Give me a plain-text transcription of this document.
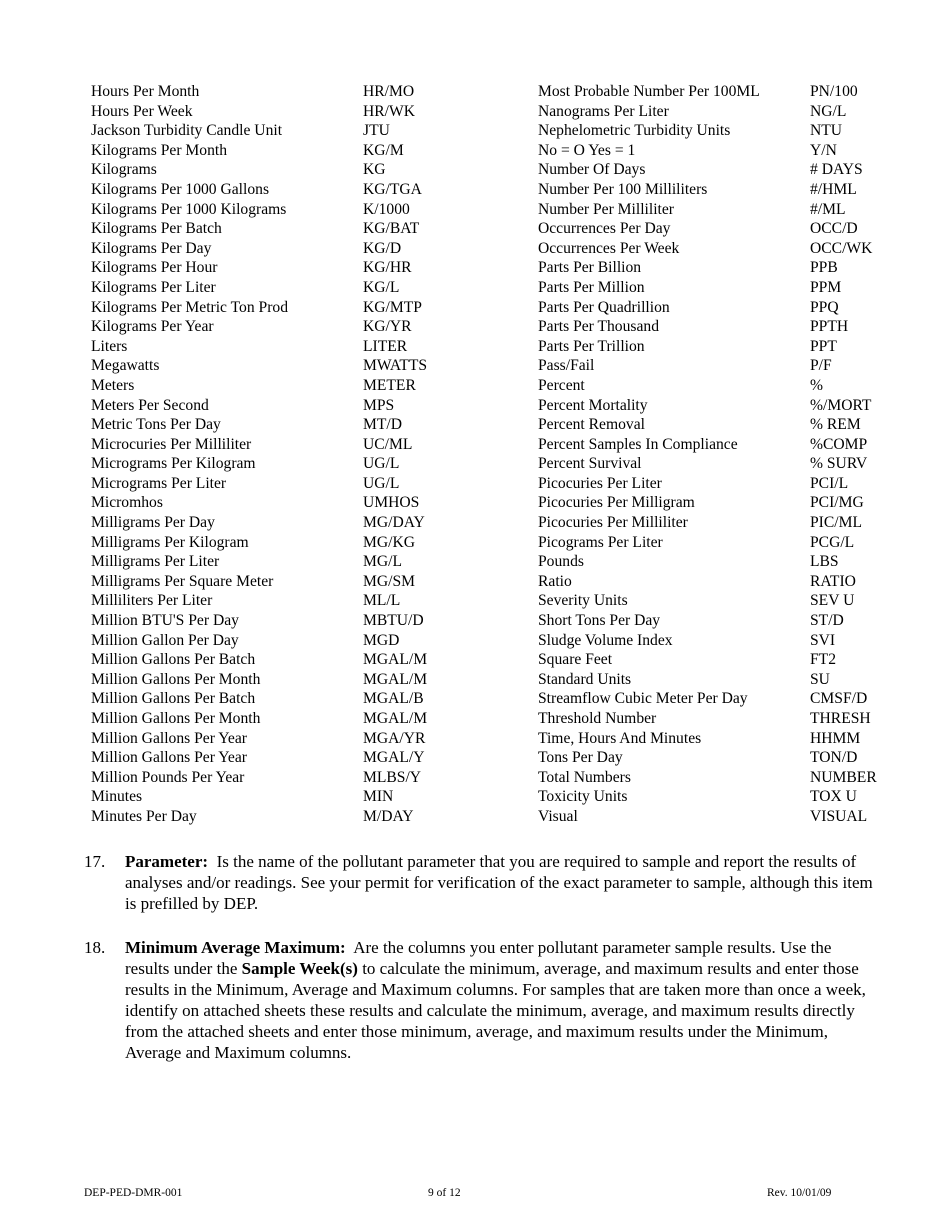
Hours Per Month	HR/MO	Most Probable Number Per 100ML	PN/100
Hours Per Week	HR/WK	Nanograms Per Liter	NG/L
Jackson Turbidity Candle Unit	JTU	Nephelometric Turbidity Units	NTU
Kilograms Per Month	KG/M	No = O Yes = 1	Y/N
Kilograms	KG	Number Of Days	# DAYS
Kilograms Per 1000 Gallons	KG/TGA	Number Per 100 Milliliters	#/HML
Kilograms Per 1000 Kilograms	K/1000	Number Per Milliliter	#/ML
Kilograms Per Batch	KG/BAT	Occurrences Per Day	OCC/D
Kilograms Per Day	KG/D	Occurrences Per Week	OCC/WK
Kilograms Per Hour	KG/HR	Parts Per Billion	PPB
Kilograms Per Liter	KG/L	Parts Per Million	PPM
Kilograms Per Metric Ton Prod	KG/MTP	Parts Per Quadrillion	PPQ
Kilograms Per Year	KG/YR	Parts Per Thousand	PPTH
Liters	LITER	Parts Per Trillion	PPT
Megawatts	MWATTS	Pass/Fail	P/F
Meters	METER	Percent	%
Meters Per Second	MPS	Percent Mortality	%/MORT
Metric Tons Per Day	MT/D	Percent Removal	% REM
Microcuries Per Milliliter	UC/ML	Percent Samples In Compliance	%COMP
Micrograms Per Kilogram	UG/L	Percent Survival	% SURV
Micrograms Per Liter	UG/L	Picocuries Per Liter	PCI/L
Micromhos	UMHOS	Picocuries Per Milligram	PCI/MG
Milligrams Per Day	MG/DAY	Picocuries Per Milliliter	PIC/ML
Milligrams Per Kilogram	MG/KG	Picograms Per Liter	PCG/L
Milligrams Per Liter	MG/L	Pounds	LBS
Milligrams Per Square Meter	MG/SM	Ratio	RATIO
Milliliters Per Liter	ML/L	Severity Units	SEV U
Million BTU'S Per Day	MBTU/D	Short Tons Per Day	ST/D
Million Gallon Per Day	MGD	Sludge Volume Index	SVI
Million Gallons Per Batch	MGAL/M	Square Feet	FT2
Million Gallons Per Month	MGAL/M	Standard Units	SU
Million Gallons Per Batch	MGAL/B	Streamflow Cubic Meter Per Day	CMSF/D
Million Gallons Per Month	MGAL/M	Threshold Number	THRESH
Million Gallons Per Year	MGA/YR	Time, Hours And Minutes	HHMM
Million Gallons Per Year	MGAL/Y	Tons Per Day	TON/D
Million Pounds Per Year	MLBS/Y	Total Numbers	NUMBER
Minutes	MIN	Toxicity Units	TOX U
Minutes Per Day	M/DAY	Visual	VISUAL
17. Parameter: Is the name of the pollutant parameter that you are required to sample and report the results of analyses and/or readings. See your permit for verification of the exact parameter to sample, although this item is prefilled by DEP.
18. Minimum Average Maximum: Are the columns you enter pollutant parameter sample results. Use the results under the Sample Week(s) to calculate the minimum, average, and maximum results and enter those results in the Minimum, Average and Maximum columns. For samples that are taken more than once a week, identify on attached sheets these results and calculate the minimum, average, and maximum results directly from the attached sheets and enter those minimum, average, and maximum results under the Minimum, Average and Maximum columns.
DEP-PED-DMR-001	9 of 12	Rev. 10/01/09
